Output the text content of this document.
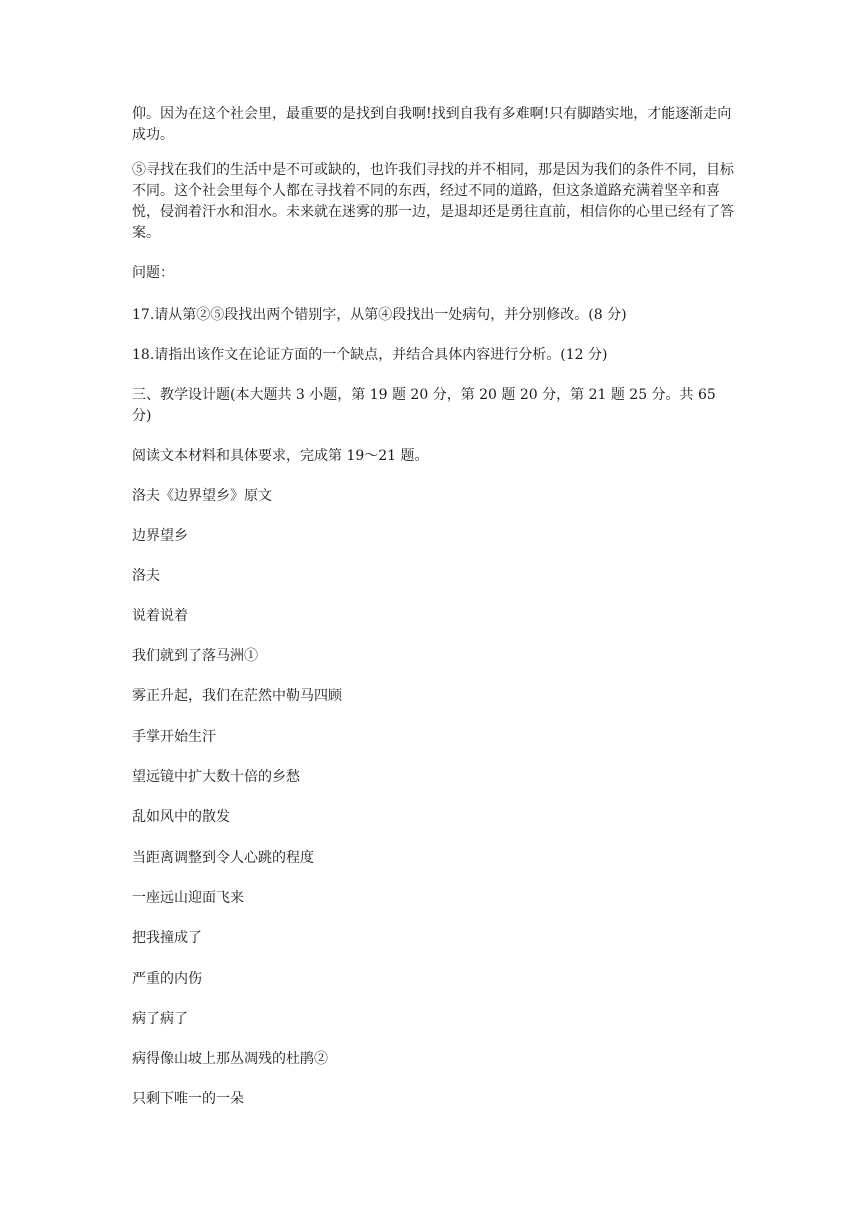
仰。因为在这个社会里，最重要的是找到自我啊!找到自我有多难啊!只有脚踏实地，才能逐渐走向成功。

⑤寻找在我们的生活中是不可或缺的，也许我们寻找的并不相同，那是因为我们的条件不同，目标不同。这个社会里每个人都在寻找着不同的东西，经过不同的道路，但这条道路充满着坚辛和喜悦，侵润着汗水和泪水。未来就在迷雾的那一边，是退却还是勇往直前，相信你的心里已经有了答案。

问题：

17.请从第②⑤段找出两个错别字，从第④段找出一处病句，并分别修改。(8 分)

18.请指出该作文在论证方面的一个缺点，并结合具体内容进行分析。(12 分)

三、教学设计题(本大题共 3 小题，第 19 题 20 分，第 20 题 20 分，第 21 题 25 分。共 65 分)

阅读文本材料和具体要求，完成第 19～21 题。

洛夫《边界望乡》原文

边界望乡

洛夫

说着说着

我们就到了落马洲①

雾正升起，我们在茫然中勒马四顾

手掌开始生汗

望远镜中扩大数十倍的乡愁

乱如风中的散发

当距离调整到令人心跳的程度

一座远山迎面飞来

把我撞成了

严重的内伤

病了病了

病得像山坡上那丛凋残的杜鹃②

只剩下唯一的一朵
